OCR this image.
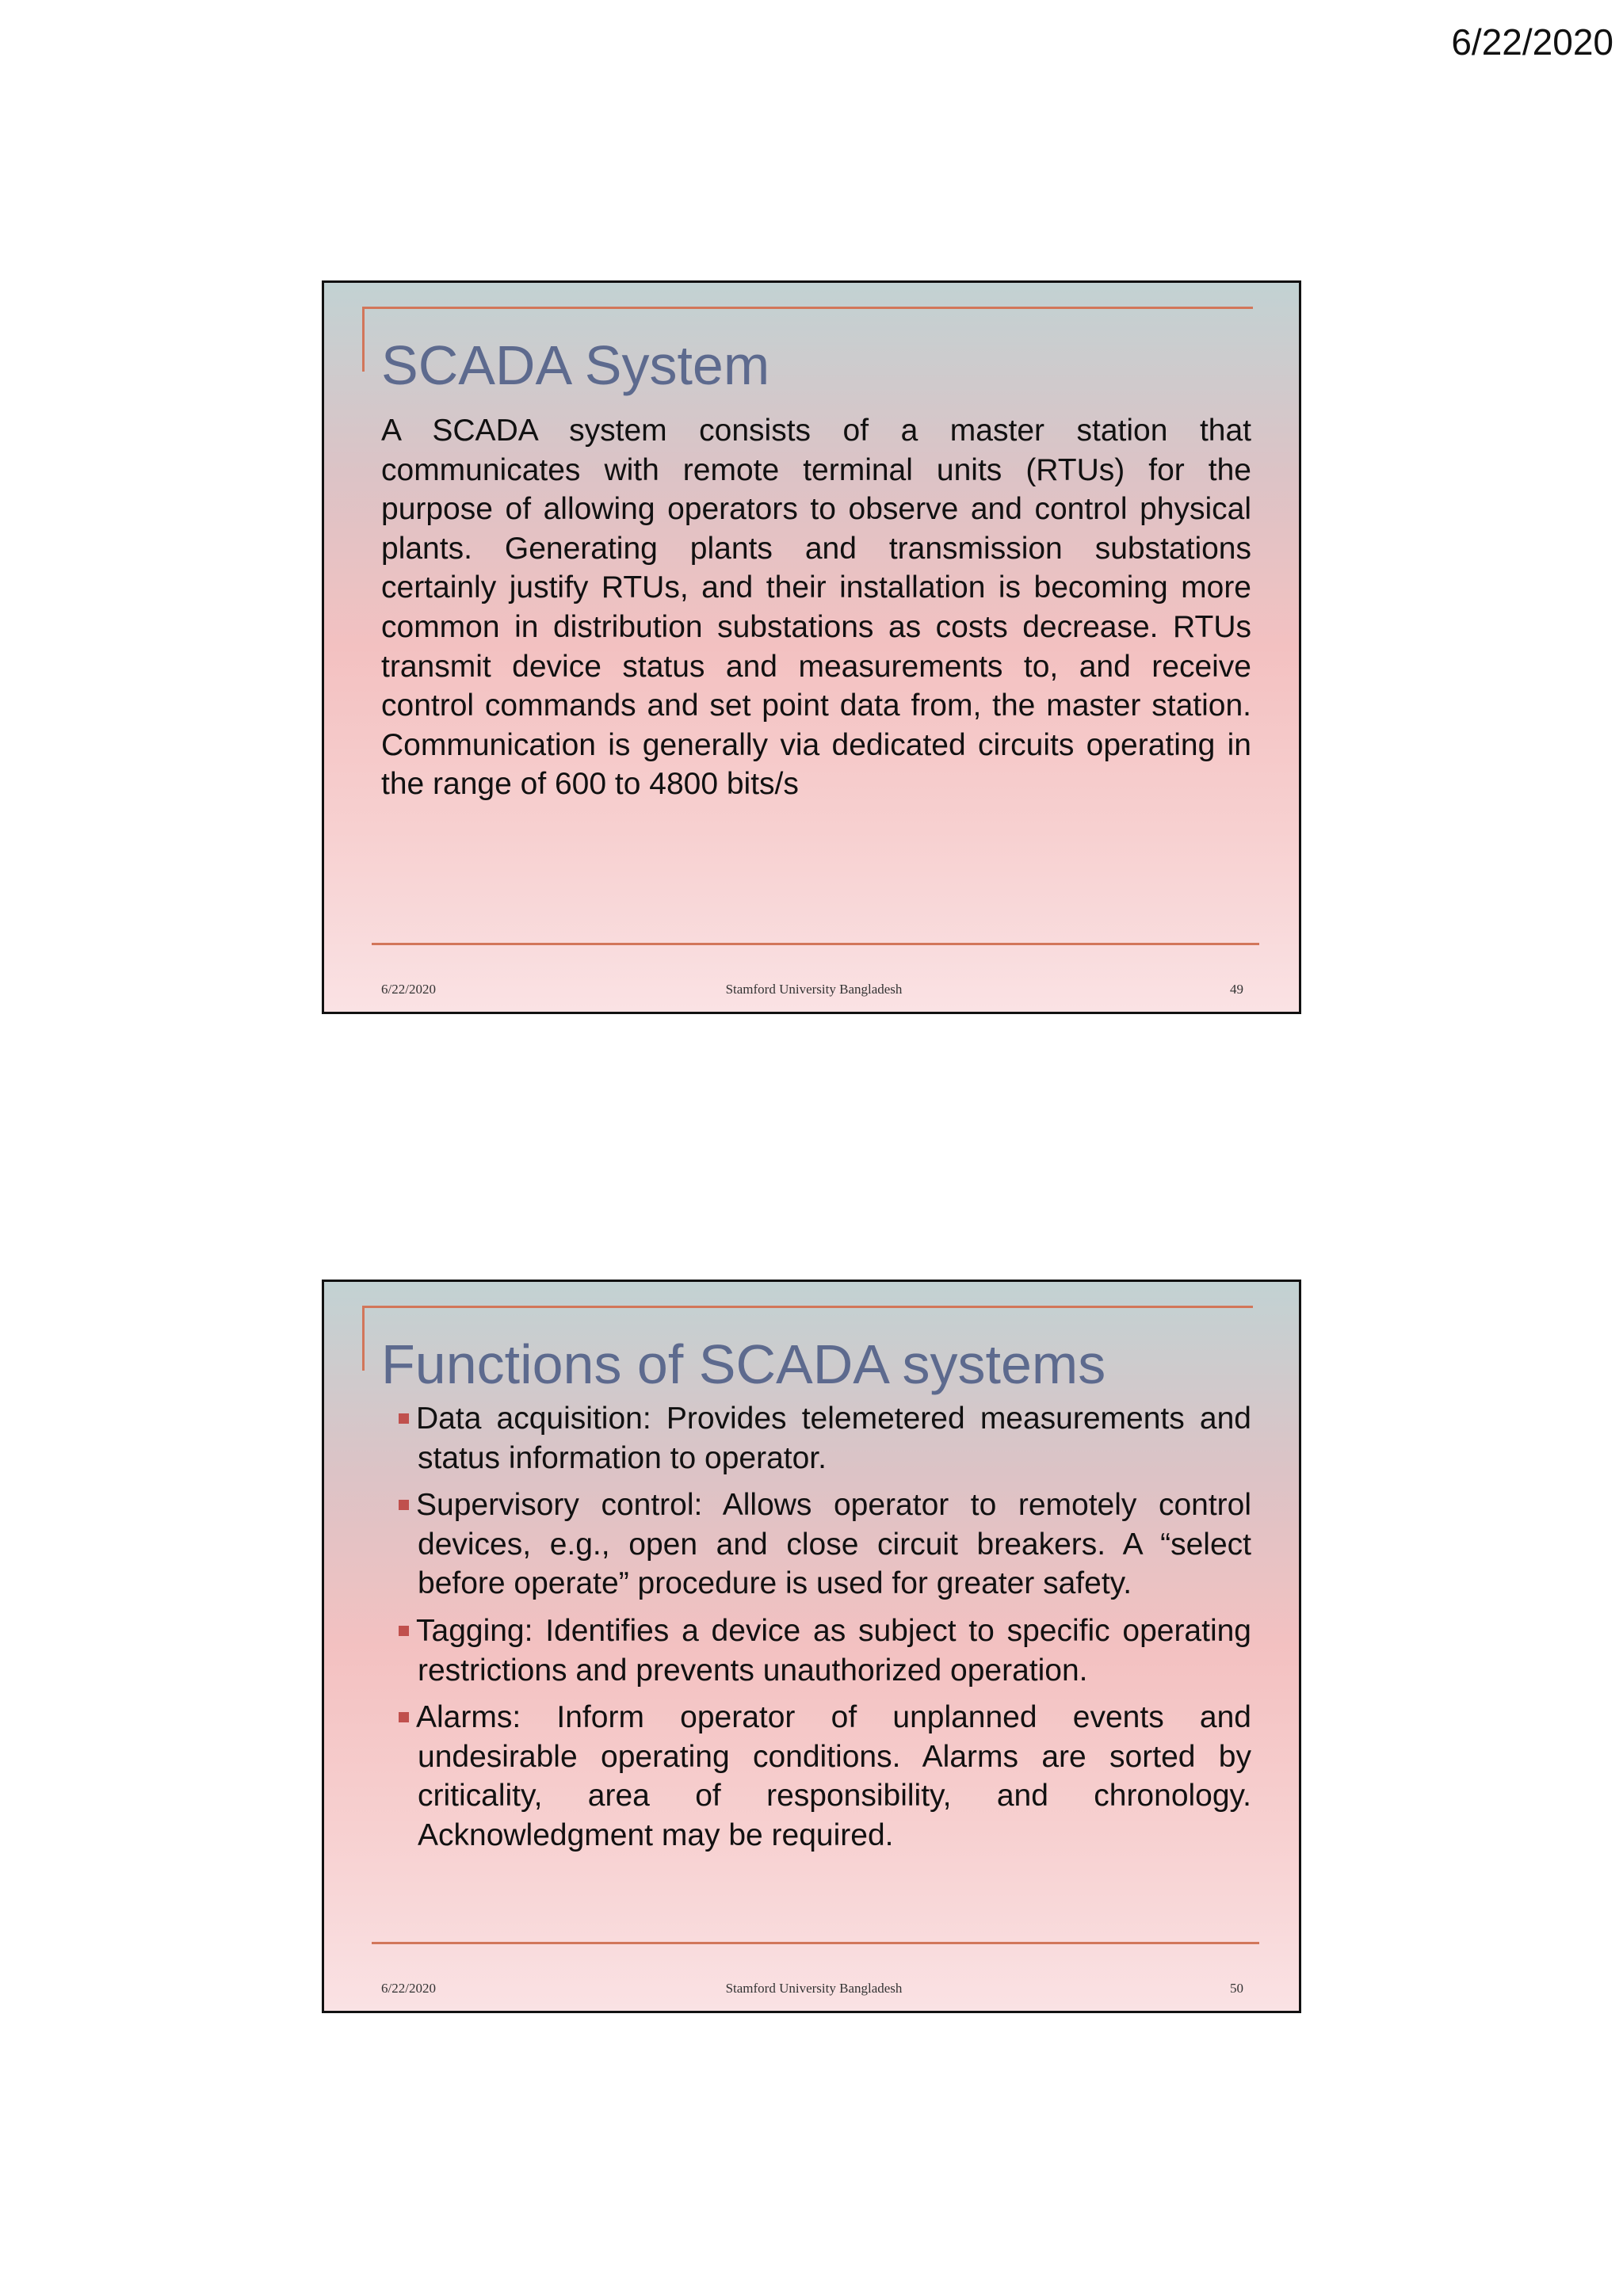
6/22/2020
SCADA System
A SCADA system consists of a master station that communicates with remote terminal units (RTUs) for the purpose of allowing operators to observe and control physical plants. Generating plants and transmission substations certainly justify RTUs, and their installation is becoming more common in distribution substations as costs decrease. RTUs transmit device status and measurements to, and receive control commands and set point data from, the master station. Communication is generally via dedicated circuits operating in the range of 600 to 4800 bits/s
6/22/2020	Stamford University Bangladesh	49
Functions of SCADA systems
Data acquisition: Provides telemetered measurements and status information to operator.
Supervisory control: Allows operator to remotely control devices, e.g., open and close circuit breakers. A “select before operate” procedure is used for greater safety.
Tagging: Identifies a device as subject to specific operating restrictions and prevents unauthorized operation.
Alarms: Inform operator of unplanned events and undesirable operating conditions. Alarms are sorted by criticality, area of responsibility, and chronology. Acknowledgment may be required.
6/22/2020	Stamford University Bangladesh	50
